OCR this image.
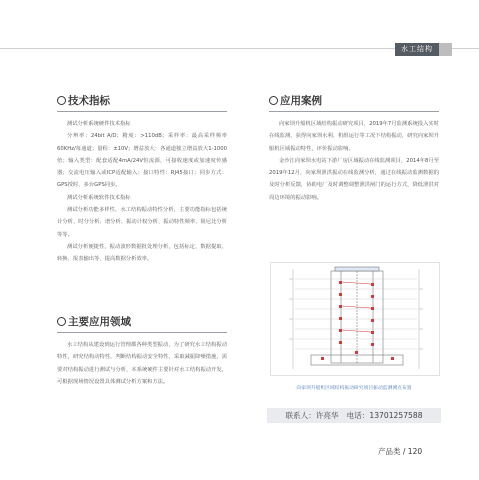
水工结构
技术指标

测试分析系统硬件技术指标

分辨率：24bit A/D；精度：>110dB；采样率：最高采样频率60KHz/每通道；量程：±10V；增益放大：各通道独立增益放大1-1000倍；输入类型：配套适配4mA/24V恒流源，可接收速度或加速度传感器；交流电压输入或ICP适配输入；接口特性：RJ45接口；同步方式：GPS授时、多台GPS同步。

测试分析系统软件技术指标

测试分析功能多样性，水工结构振动特性分析，主要功能指标包括统计分析、时分分析、谱分析、振动计权分析、振动特性频率、阻尼比分析等等。

测试分析便捷性，振动波形数据批处理分析，包括标定、数据提取、转换、报表输出等，提高数据分析效率。

主要应用领域

水工结构从建设到运行管理都各种类型振动，为了研究水工结构振动特性，研究结构动特性，判断结构振动安全特性，采取减振降噪措施，需要对结构振动进行测试与分析，本系统硬件主要针对水工结构振动开发，可根据现场情况设置具体测试分析方案和方法。

应用案例

向家坝升船机区域结构振动研究项目，2019年7月监测系统投入实时在线监测，获得向家坝水利、机组运行等工况下结构振动，研究向家坝升船机区域振动特性，评价振动影响。

金沙江向家坝水电站下游厂房区域振动在线监测项目，2014年8月至2019年12月，向家坝泄洪振动在线监测分析，通过在线振动监测数据的及时分析反馈，协助电厂及时调整调整泄洪闸门的运行方式，降低泄洪对周边环境的振动影响。

向家坝升船机区域结构振动研究项目振动监测测点布置
联系人：许亮华 电话：13701257588
产品类 / 120
